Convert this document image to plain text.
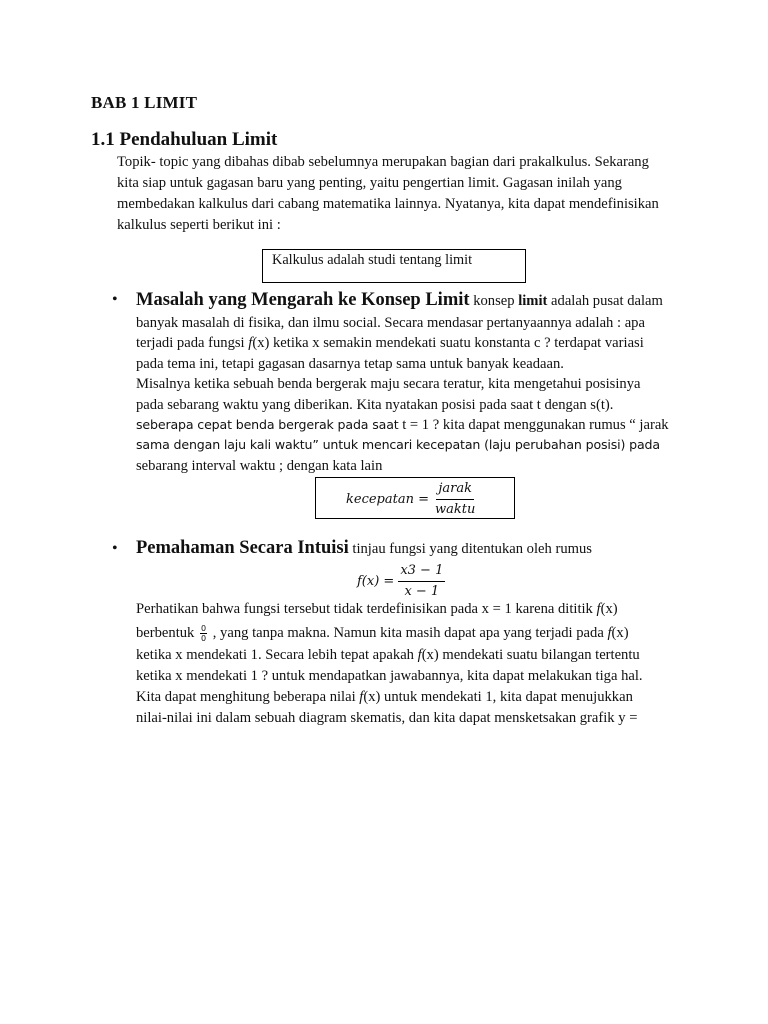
BAB 1 LIMIT
1.1 Pendahuluan Limit
Topik- topic yang dibahas dibab sebelumnya merupakan bagian dari prakalkulus. Sekarang
kita siap untuk gagasan baru yang penting, yaitu pengertian limit. Gagasan inilah yang
membedakan kalkulus dari cabang matematika lainnya. Nyatanya, kita dapat mendefinisikan
kalkulus seperti berikut ini :
Kalkulus adalah studi tentang limit
• Masalah yang Mengarah ke Konsep Limit konsep limit adalah pusat dalam
banyak masalah di fisika, dan ilmu social. Secara mendasar pertanyaannya adalah : apa
terjadi pada fungsi f(x) ketika x semakin mendekati suatu konstanta c ? terdapat variasi
pada tema ini, tetapi gagasan dasarnya tetap sama untuk banyak keadaan.
Misalnya ketika sebuah benda bergerak maju secara teratur, kita mengetahui posisinya
pada sebarang waktu yang diberikan. Kita nyatakan posisi pada saat t dengan s(t).
seberapa cepat benda bergerak pada saat t = 1 ? kita dapat menggunakan rumus “ jarak
sama dengan laju kali waktu” untuk mencari kecepatan (laju perubahan posisi) pada
sebarang interval waktu ; dengan kata lain
kecepatan = $\frac{\text{jarak}}{\text{waktu}}$
• Pemahaman Secara Intuisi tinjau fungsi yang ditentukan oleh rumus
$f(x) = \frac{x3 - 1}{x - 1}$
Perhatikan bahwa fungsi tersebut tidak terdefinisikan pada x = 1 karena dititik f(x)
berbentuk $\frac{0}{0}$ , yang tanpa makna. Namun kita masih dapat apa yang terjadi pada f(x)
ketika x mendekati 1. Secara lebih tepat apakah f(x) mendekati suatu bilangan tertentu
ketika x mendekati 1 ? untuk mendapatkan jawabannya, kita dapat melakukan tiga hal.
Kita dapat menghitung beberapa nilai f(x) untuk mendekati 1, kita dapat menujukkan
nilai-nilai ini dalam sebuah diagram skematis, dan kita dapat mensketsakan grafik y =
